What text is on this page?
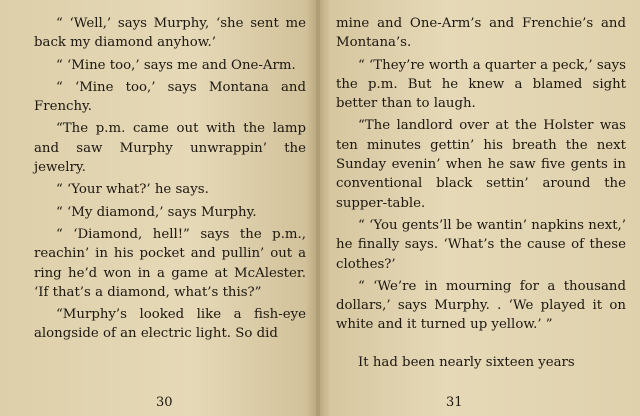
“ ‘Well,’ says Murphy, ‘she sent me back my diamond anyhow.’

“ ‘Mine too,’ says me and One-Arm.

“ ‘Mine too,’ says Montana and Frenchy.

“The p.m. came out with the lamp and saw Murphy unwrappin’ the jewelry.

“ ‘Your what?’ he says.

“ ‘My diamond,’ says Murphy.

“ ‘Diamond, hell!” says the p.m., reachin’ in his pocket and pullin’ out a ring he’d won in a game at McAlester. ‘If that’s a diamond, what’s this?”

“Murphy’s looked like a fish-eye alongside of an electric light. So did

30

mine and One-Arm’s and Frenchie’s and Montana’s.

“ ‘They’re worth a quarter a peck,’ says the p.m. But he knew a blamed sight better than to laugh.

“The landlord over at the Holster was ten minutes gettin’ his breath the next Sunday evenin’ when he saw five gents in conventional black settin’ around the supper-table.

“ ‘You gents’ll be wantin’ napkins next,’ he finally says. ‘What’s the cause of these clothes?’

“ ‘We’re in mourning for a thousand dollars,’ says Murphy. . ‘We played it on white and it turned up yellow.’ ”

It had been nearly sixteen years

31
